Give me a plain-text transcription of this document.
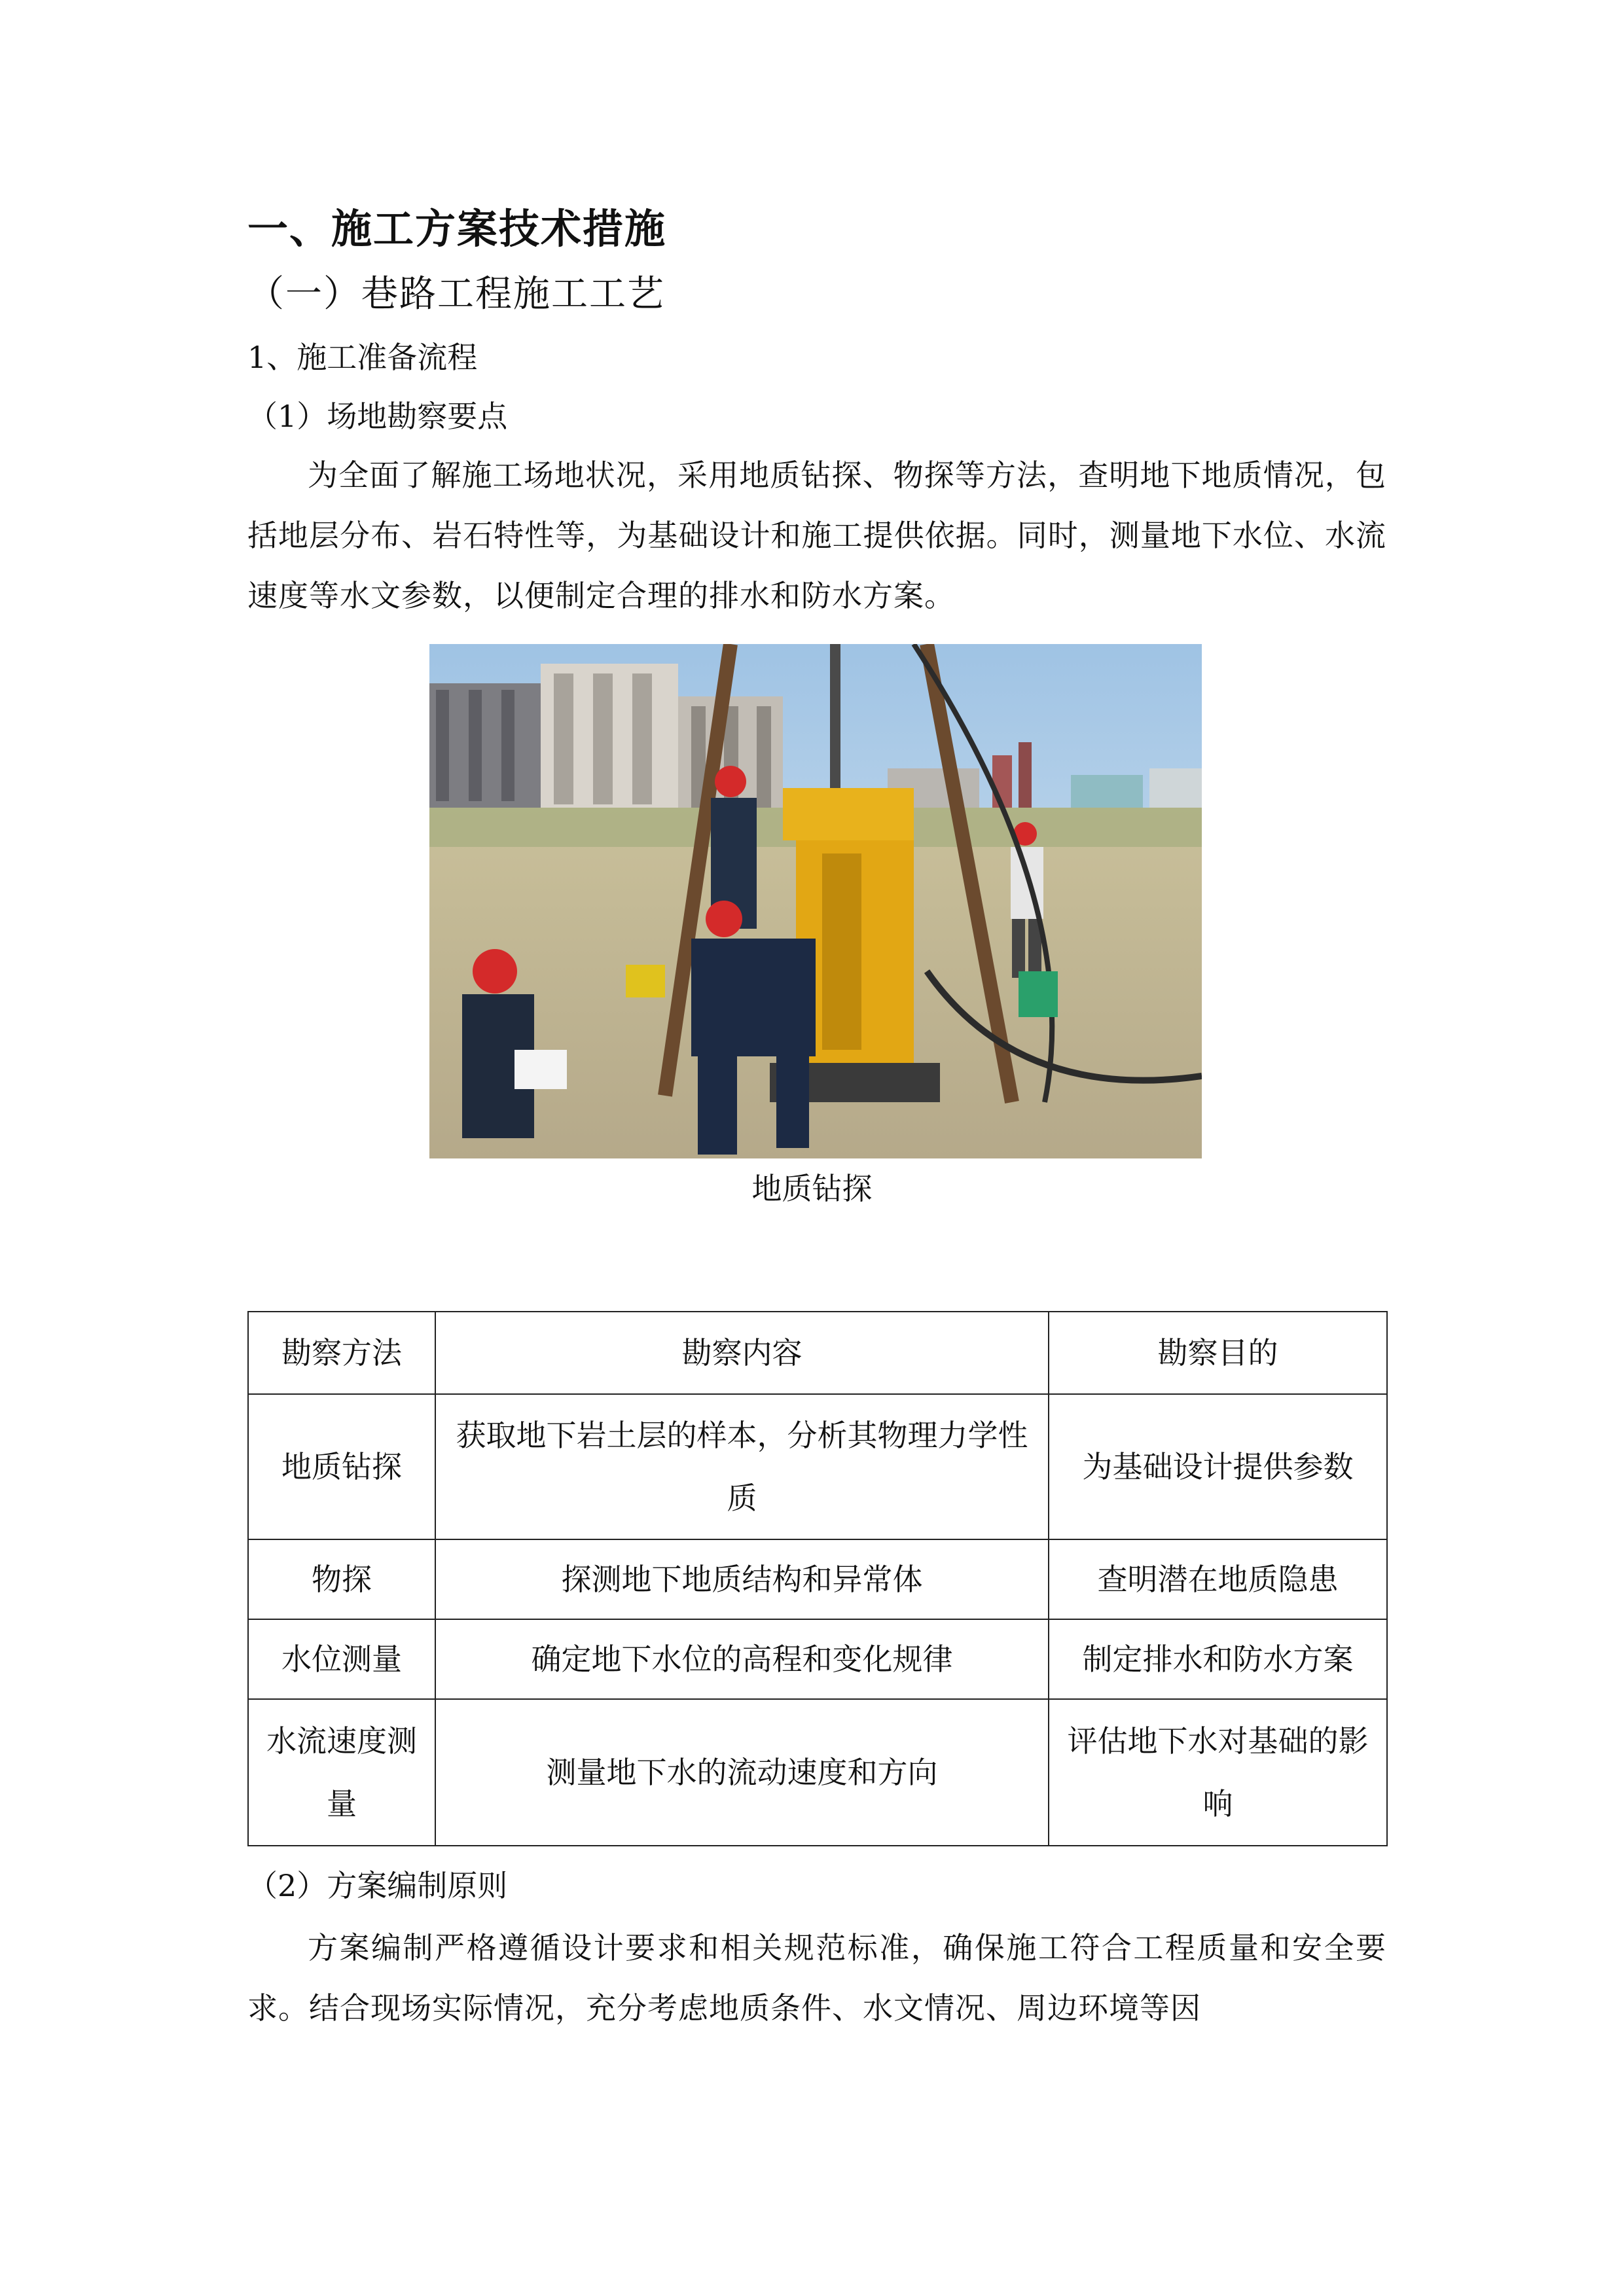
一、施工方案技术措施
（一）巷路工程施工工艺
1、施工准备流程
（1）场地勘察要点
为全面了解施工场地状况，采用地质钻探、物探等方法，查明地下地质情况，包括地层分布、岩石特性等，为基础设计和施工提供依据。同时，测量地下水位、水流速度等水文参数，以便制定合理的排水和防水方案。
地质钻探
勘察方法	勘察内容	勘察目的
地质钻探	获取地下岩土层的样本，分析其物理力学性质	为基础设计提供参数
物探	探测地下地质结构和异常体	查明潜在地质隐患
水位测量	确定地下水位的高程和变化规律	制定排水和防水方案
水流速度测量	测量地下水的流动速度和方向	评估地下水对基础的影响
（2）方案编制原则
方案编制严格遵循设计要求和相关规范标准，确保施工符合工程质量和安全要求。结合现场实际情况，充分考虑地质条件、水文情况、周边环境等因
